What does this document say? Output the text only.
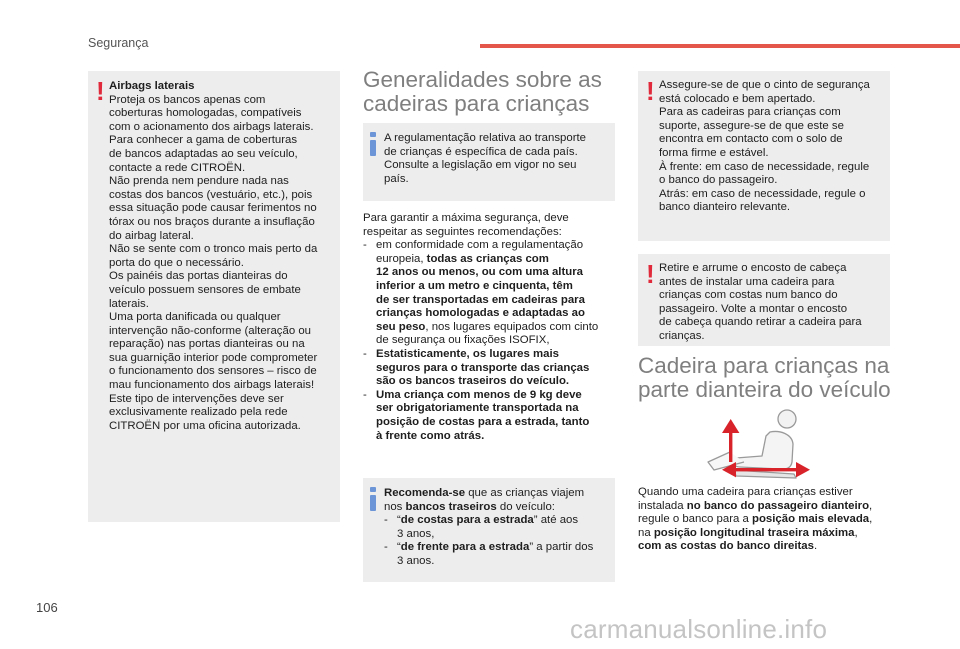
Segurança
! Airbags laterais

Proteja os bancos apenas com

coberturas homologadas, compatíveis

com o acionamento dos airbags laterais.

Para conhecer a gama de coberturas

de bancos adaptadas ao seu veículo,

contacte a rede CITROËN.

Não prenda nem pendure nada nas

costas dos bancos (vestuário, etc.), pois

essa situação pode causar ferimentos no

tórax ou nos braços durante a insuflação

do airbag lateral.

Não se sente com o tronco mais perto da

porta do que o necessário.

Os painéis das portas dianteiras do

veículo possuem sensores de embate

laterais.

Uma porta danificada ou qualquer

intervenção não-conforme (alteração ou

reparação) nas portas dianteiras ou na

sua guarnição interior pode comprometer

o funcionamento dos sensores – risco de

mau funcionamento dos airbags laterais!

Este tipo de intervenções deve ser

exclusivamente realizado pela rede

CITROËN por uma oficina autorizada.

Generalidades sobre as
cadeiras para crianças

A regulamentação relativa ao transporte

de crianças é específica de cada país.

Consulte a legislação em vigor no seu

país.

Para garantir a máxima segurança, deve

respeitar as seguintes recomendações:

- em conformidade com a regulamentação

europeia, todas as crianças com

12 anos ou menos, ou com uma altura

inferior a um metro e cinquenta, têm

de ser transportadas em cadeiras para

crianças homologadas e adaptadas ao

seu peso, nos lugares equipados com cinto

de segurança ou fixações ISOFIX,

- Estatisticamente, os lugares mais

seguros para o transporte das crianças

são os bancos traseiros do veículo.

- Uma criança com menos de 9 kg deve

ser obrigatoriamente transportada na

posição de costas para a estrada, tanto

à frente como atrás.

Recomenda-se que as crianças viajem

nos bancos traseiros do veículo:

- “de costas para a estrada” até aos

3 anos,

- “de frente para a estrada” a partir dos

3 anos.

! Assegure-se de que o cinto de segurança

está colocado e bem apertado.

Para as cadeiras para crianças com

suporte, assegure-se de que este se

encontra em contacto com o solo de

forma firme e estável.

À frente: em caso de necessidade, regule

o banco do passageiro.

Atrás: em caso de necessidade, regule o

banco dianteiro relevante.

! Retire e arrume o encosto de cabeça

antes de instalar uma cadeira para

crianças com costas num banco do

passageiro. Volte a montar o encosto

de cabeça quando retirar a cadeira para

crianças.

Cadeira para crianças na
parte dianteira do veículo

Quando uma cadeira para crianças estiver

instalada no banco do passageiro dianteiro,

regule o banco para a posição mais elevada,

na posição longitudinal traseira máxima,

com as costas do banco direitas.

106
carmanualsonline.info
